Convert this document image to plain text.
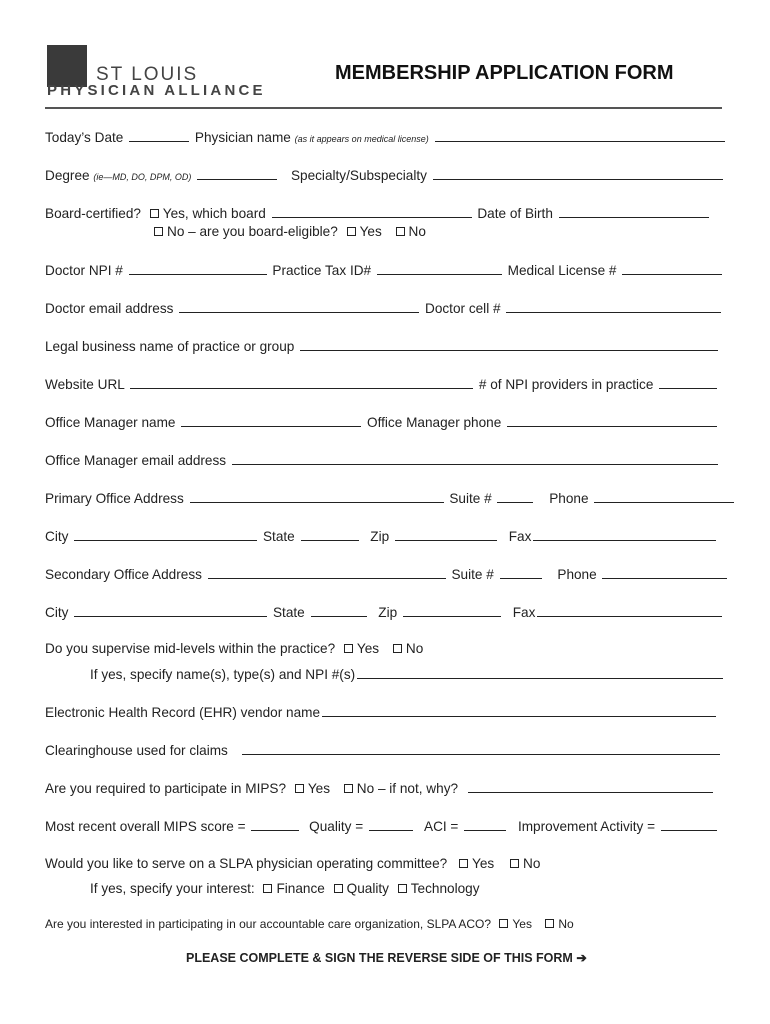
ST LOUIS
PHYSICIAN ALLIANCE
MEMBERSHIP APPLICATION FORM
Today’s Date	Physician name (as it appears on medical license)
Degree (ie—MD, DO, DPM, OD)	Specialty/Subspecialty
Board-certified? Yes, which board	Date of Birth
No – are you board-eligible? Yes No
Doctor NPI #	Practice Tax ID#	Medical License #
Doctor email address	Doctor cell #
Legal business name of practice or group
Website URL	# of NPI providers in practice
Office Manager name	Office Manager phone
Office Manager email address
Primary Office Address	Suite #	Phone
City	State	Zip	Fax
Secondary Office Address	Suite #	Phone
City	State	Zip	Fax
Do you supervise mid-levels within the practice? Yes No
If yes, specify name(s), type(s) and NPI #(s)
Electronic Health Record (EHR) vendor name
Clearinghouse used for claims
Are you required to participate in MIPS? Yes No – if not, why?
Most recent overall MIPS score =	Quality =	ACI =	Improvement Activity =
Would you like to serve on a SLPA physician operating committee? Yes No
If yes, specify your interest: Finance Quality Technology
Are you interested in participating in our accountable care organization, SLPA ACO? Yes No
PLEASE COMPLETE & SIGN THE REVERSE SIDE OF THIS FORM ➔
